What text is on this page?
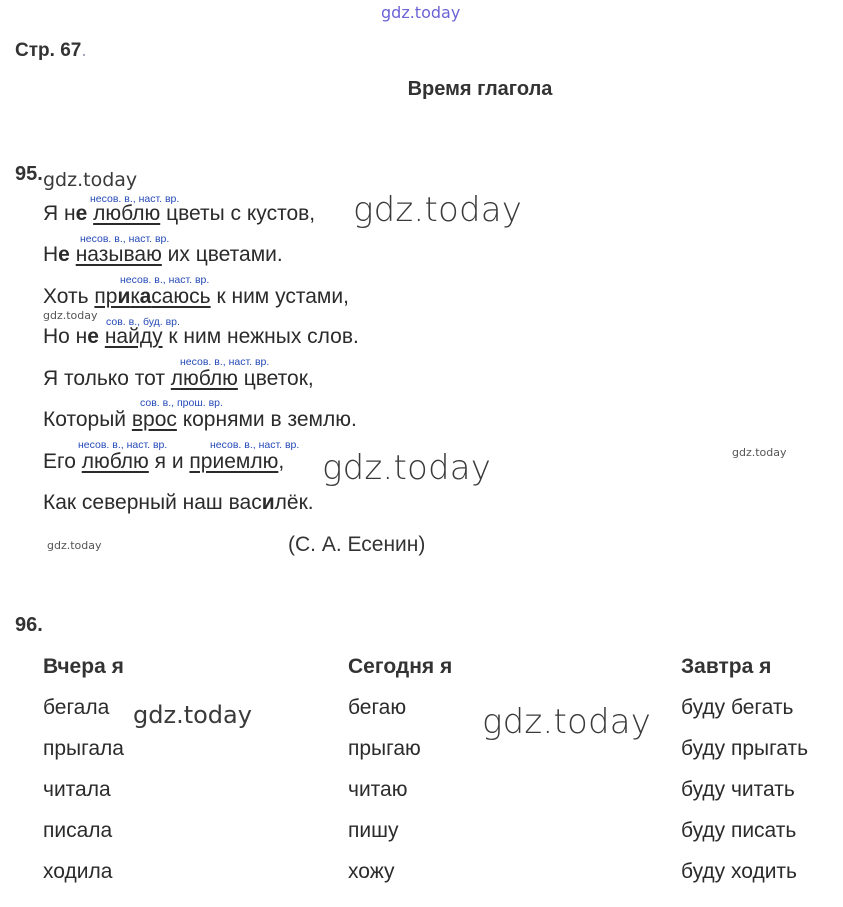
gdz.today
gdz.today
gdz.today
gdz.today
gdz.today
gdz.today
gdz.today
gdz.today	gdz.today
Стр. 67.
Время глагола
95.
несов. в., наст. вр.
Я не люблю цветы с кустов,
несов. в., наст. вр.
Не называю их цветами.
несов. в., наст. вр.
Хоть прикасаюсь к ним устами,
сов. в., буд. вр.
Но не найду к ним нежных слов.
несов. в., наст. вр.
Я только тот люблю цветок,
сов. в., прош. вр.
Который врос корнями в землю.
несов. в., наст. вр.	несов. в., наст. вр.
Его люблю я и приемлю,
Как северный наш василёк.
(С. А. Есенин)
96.
Вчера я	Сегодня я	Завтра я
бегала	бегаю	буду бегать
прыгала	прыгаю	буду прыгать
читала	читаю	буду читать
писала	пишу	буду писать
ходила	хожу	буду ходить
